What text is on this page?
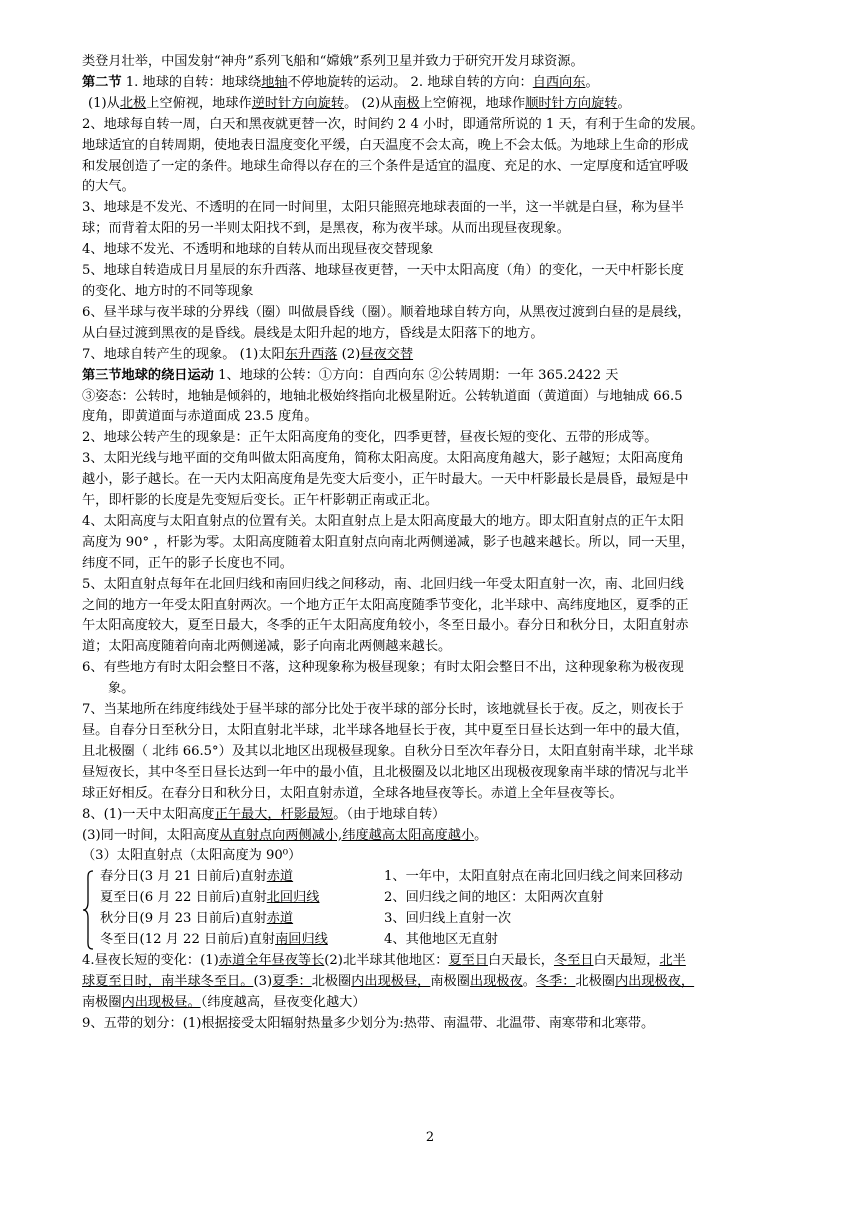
类登月壮举，中国发射“神舟”系列飞船和“嫦娥”系列卫星并致力于研究开发月球资源。

第二节 1. 地球的自转：地球绕地轴不停地旋转的运动。 2. 地球自转的方向：自西向东。

(1)从北极上空俯视，地球作逆时针方向旋转。 (2)从南极上空俯视，地球作顺时针方向旋转。

2、地球每自转一周，白天和黑夜就更替一次，时间约 2 4 小时，即通常所说的 1 天，有利于生命的发展。

地球适宜的自转周期，使地表日温度变化平缓，白天温度不会太高，晚上不会太低。为地球上生命的形成

和发展创造了一定的条件。地球生命得以存在的三个条件是适宜的温度、充足的水、一定厚度和适宜呼吸

的大气。

3、地球是不发光、不透明的在同一时间里，太阳只能照亮地球表面的一半，这一半就是白昼，称为昼半

球；而背着太阳的另一半则太阳找不到，是黑夜，称为夜半球。从而出现昼夜现象。

4、地球不发光、不透明和地球的自转从而出现昼夜交替现象

5、地球自转造成日月星辰的东升西落、地球昼夜更替，一天中太阳高度（角）的变化，一天中杆影长度

的变化、地方时的不同等现象

6、昼半球与夜半球的分界线（圈）叫做晨昏线（圈）。顺着地球自转方向，从黑夜过渡到白昼的是晨线，

从白昼过渡到黑夜的是昏线。晨线是太阳升起的地方，昏线是太阳落下的地方。

7、地球自转产生的现象。 (1)太阳东升西落 (2)昼夜交替

第三节地球的绕日运动 1、地球的公转：①方向：自西向东 ②公转周期：一年 365.2422 天

③姿态：公转时，地轴是倾斜的，地轴北极始终指向北极星附近。公转轨道面（黄道面）与地轴成 66.5

度角，即黄道面与赤道面成 23.5 度角。

2、地球公转产生的现象是：正午太阳高度角的变化，四季更替，昼夜长短的变化、五带的形成等。

3、太阳光线与地平面的交角叫做太阳高度角，简称太阳高度。太阳高度角越大，影子越短；太阳高度角

越小，影子越长。在一天内太阳高度角是先变大后变小，正午时最大。一天中杆影最长是晨昏，最短是中

午，即杆影的长度是先变短后变长。正午杆影朝正南或正北。

4、太阳高度与太阳直射点的位置有关。太阳直射点上是太阳高度最大的地方。即太阳直射点的正午太阳

高度为 90° ，杆影为零。太阳高度随着太阳直射点向南北两侧递减，影子也越来越长。所以，同一天里，

纬度不同，正午的影子长度也不同。

5、太阳直射点每年在北回归线和南回归线之间移动，南、北回归线一年受太阳直射一次，南、北回归线

之间的地方一年受太阳直射两次。一个地方正午太阳高度随季节变化，北半球中、高纬度地区，夏季的正

午太阳高度较大，夏至日最大，冬季的正午太阳高度角较小，冬至日最小。春分日和秋分日，太阳直射赤

道；太阳高度随着向南北两侧递减，影子向南北两侧越来越长。

6、有些地方有时太阳会整日不落，这种现象称为极昼现象；有时太阳会整日不出，这种现象称为极夜现

象。

7、当某地所在纬度纬线处于昼半球的部分比处于夜半球的部分长时，该地就昼长于夜。反之，则夜长于

昼。自春分日至秋分日，太阳直射北半球，北半球各地昼长于夜，其中夏至日昼长达到一年中的最大值，

且北极圈（ 北纬 66.5°）及其以北地区出现极昼现象。自秋分日至次年春分日，太阳直射南半球，北半球

昼短夜长，其中冬至日昼长达到一年中的最小值，且北极圈及以北地区出现极夜现象南半球的情况与北半

球正好相反。在春分日和秋分日，太阳直射赤道，全球各地昼夜等长。赤道上全年昼夜等长。

8、(1)一天中太阳高度正午最大，杆影最短。（由于地球自转）

(3)同一时间，太阳高度从直射点向两侧减小,纬度越高太阳高度越小。

（3）太阳直射点（太阳高度为 90⁰）

春分日(3 月 21 日前后)直射赤道	1、一年中，太阳直射点在南北回归线之间来回移动
夏至日(6 月 22 日前后)直射北回归线	2、回归线之间的地区：太阳两次直射
秋分日(9 月 23 日前后)直射赤道	3、回归线上直射一次
冬至日(12 月 22 日前后)直射南回归线	4、其他地区无直射

4.昼夜长短的变化：(1)赤道全年昼夜等长(2)北半球其他地区：夏至日白天最长，冬至日白天最短，北半

球夏至日时，南半球冬至日。(3)夏季：北极圈内出现极昼，南极圈出现极夜。冬季：北极圈内出现极夜，

南极圈内出现极昼。（纬度越高，昼夜变化越大）

9、五带的划分：(1)根据接受太阳辐射热量多少划分为:热带、南温带、北温带、南寒带和北寒带。

2
